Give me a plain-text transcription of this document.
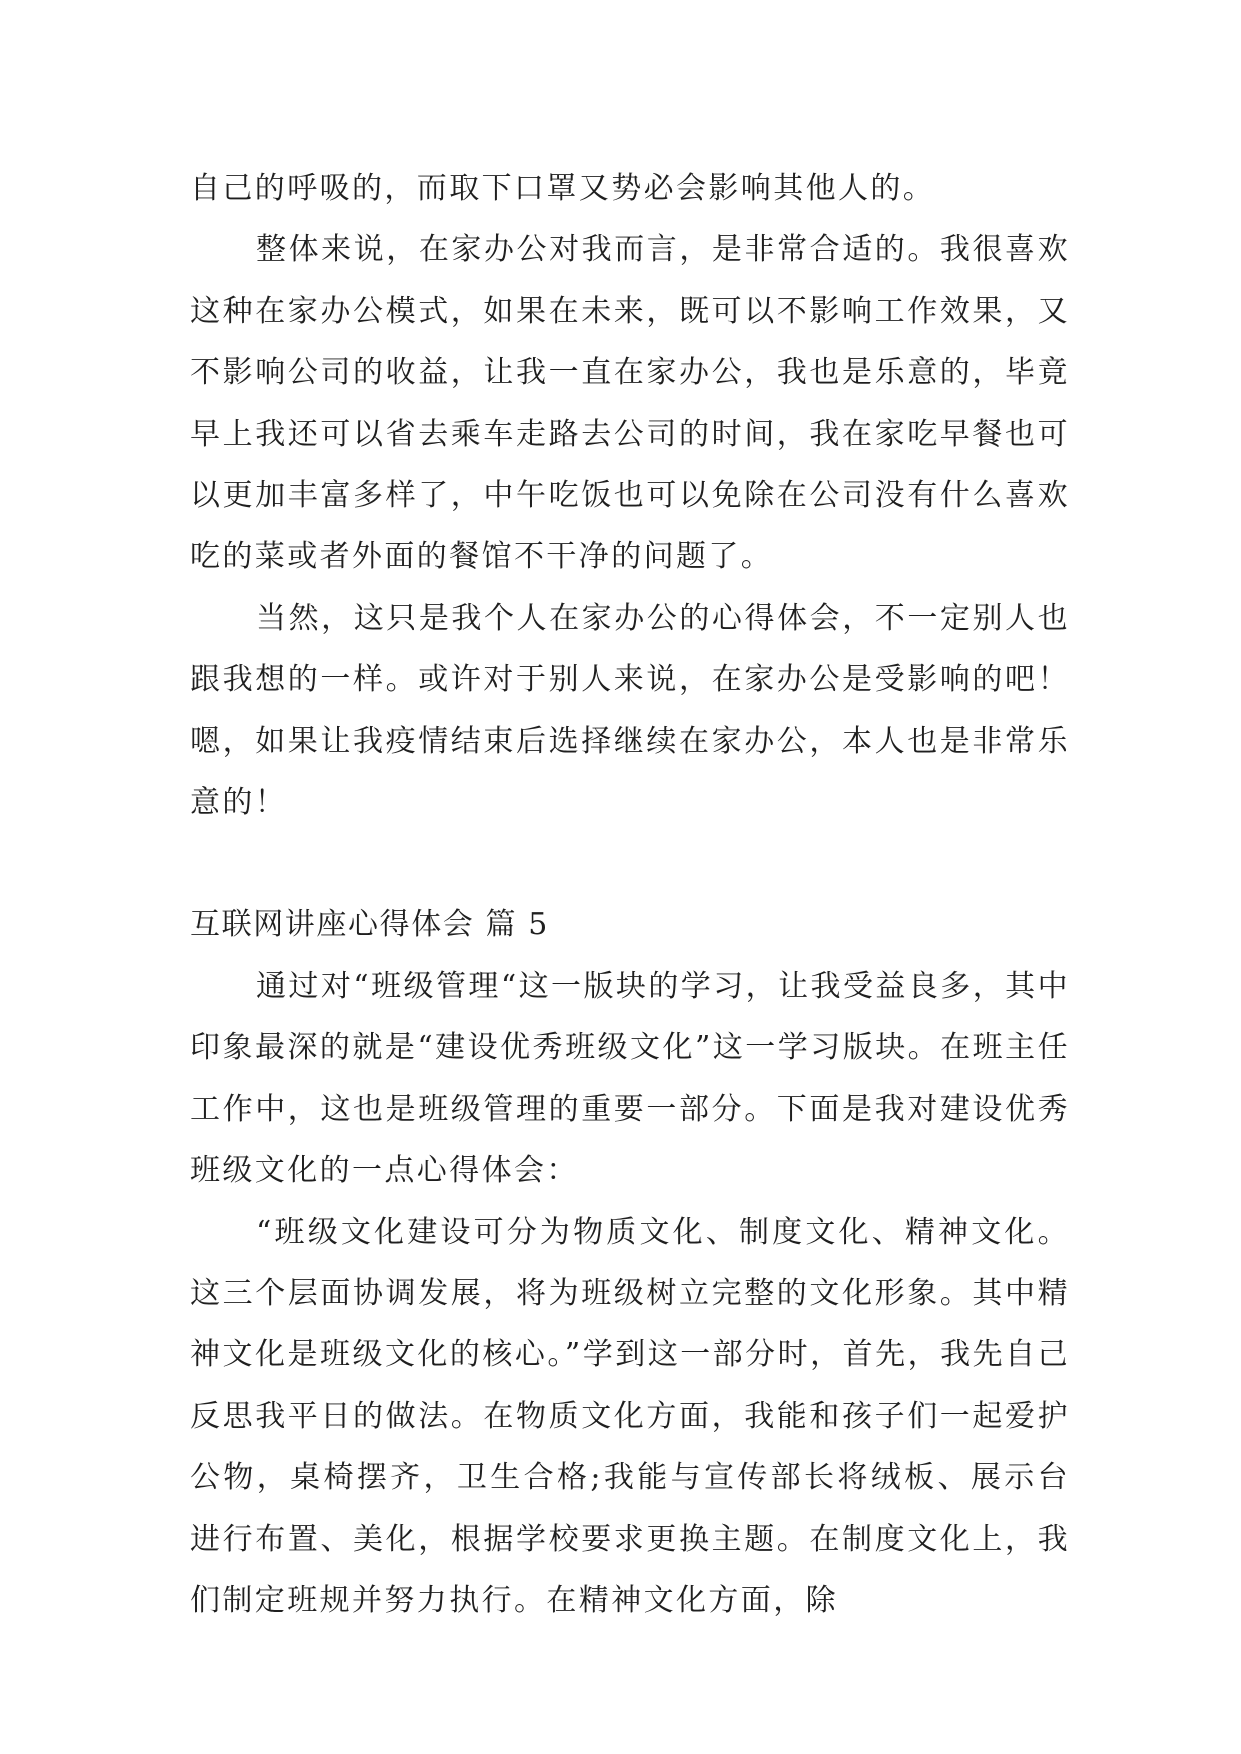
自己的呼吸的，而取下口罩又势必会影响其他人的。

整体来说，在家办公对我而言，是非常合适的。我很喜欢这种在家办公模式，如果在未来，既可以不影响工作效果，又不影响公司的收益，让我一直在家办公，我也是乐意的，毕竟早上我还可以省去乘车走路去公司的时间，我在家吃早餐也可以更加丰富多样了，中午吃饭也可以免除在公司没有什么喜欢吃的菜或者外面的餐馆不干净的问题了。

当然，这只是我个人在家办公的心得体会，不一定别人也跟我想的一样。或许对于别人来说，在家办公是受影响的吧！嗯，如果让我疫情结束后选择继续在家办公，本人也是非常乐意的！

互联网讲座心得体会 篇 5

通过对“班级管理“这一版块的学习，让我受益良多，其中印象最深的就是“建设优秀班级文化”这一学习版块。在班主任工作中，这也是班级管理的重要一部分。下面是我对建设优秀班级文化的一点心得体会：

“班级文化建设可分为物质文化、制度文化、精神文化。这三个层面协调发展，将为班级树立完整的文化形象。其中精神文化是班级文化的核心。”学到这一部分时，首先，我先自己反思我平日的做法。在物质文化方面，我能和孩子们一起爱护公物，桌椅摆齐，卫生合格;我能与宣传部长将绒板、展示台进行布置、美化，根据学校要求更换主题。在制度文化上，我们制定班规并努力执行。在精神文化方面，除
